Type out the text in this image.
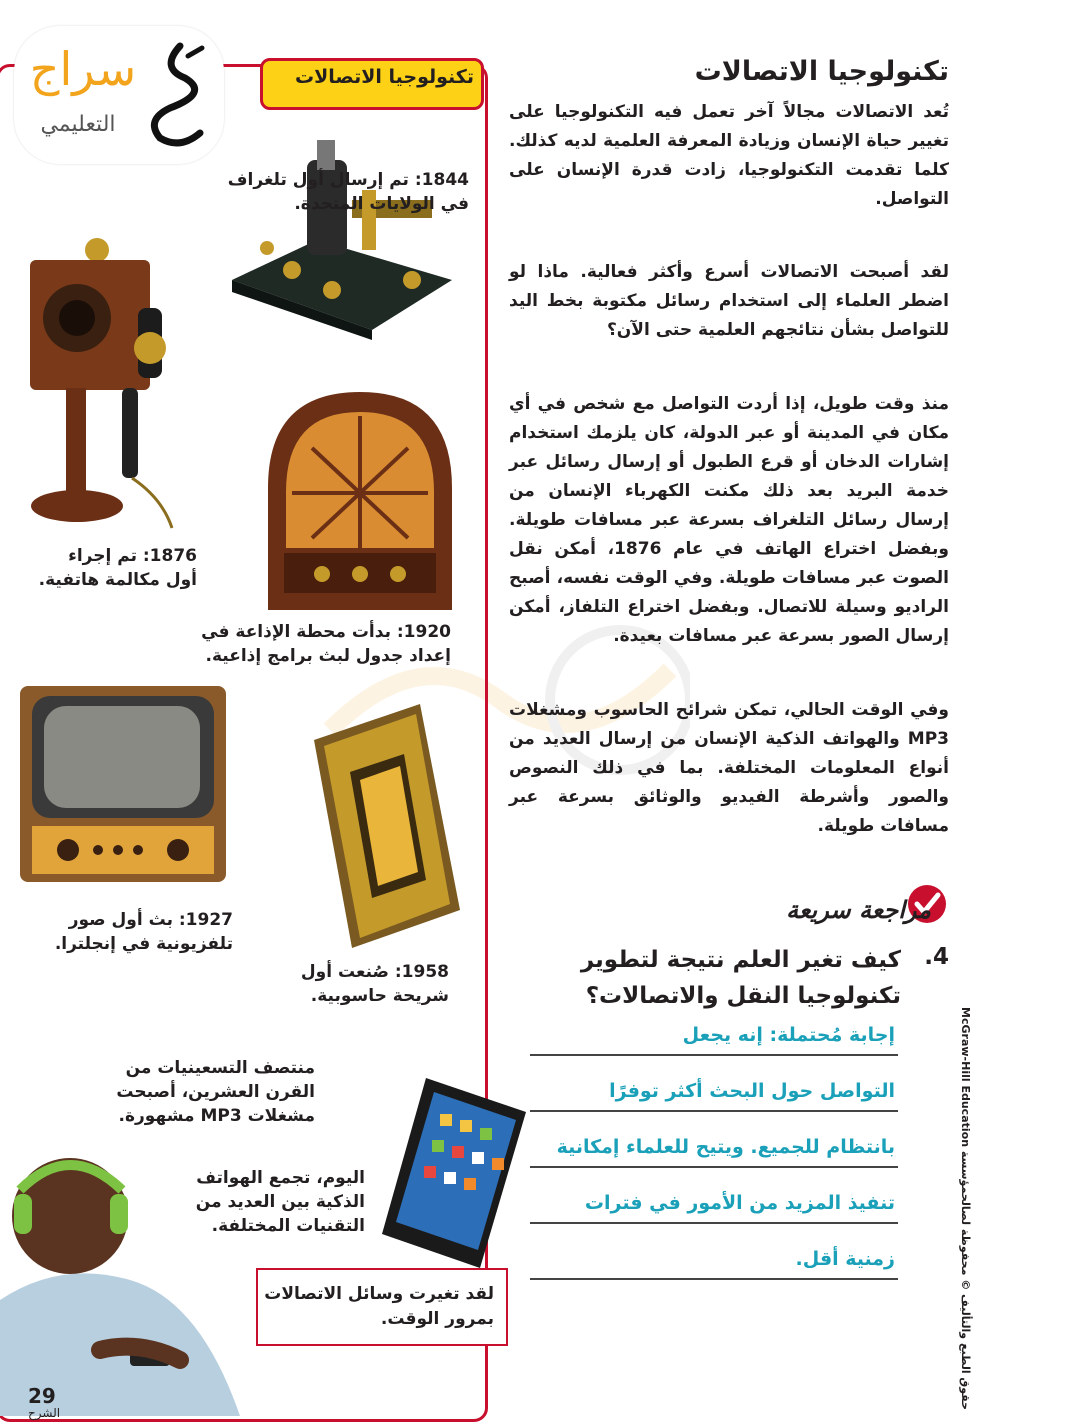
سراج
التعليمي
تكنولوجيا الاتصالات
1844: تم إرسال أول تلغراف في الولايات المتحدة.
1876: تم إجراء أول مكالمة هاتفية.
1920: بدأت محطة الإذاعة في إعداد جدول لبث برامج إذاعية.
1927: بث أول صور تلفزيونية في إنجلترا.
1958: صُنعت أول شريحة حاسوبية.
منتصف التسعينيات من القرن العشرين، أصبحت مشغلات MP3 مشهورة.
اليوم، تجمع الهواتف الذكية بين العديد من التقنيات المختلفة.
لقد تغيرت وسائل الاتصالات بمرور الوقت.
29
الشرح
تكنولوجيا الاتصالات
تُعد الاتصالات مجالاً آخر تعمل فيه التكنولوجيا على تغيير حياة الإنسان وزيادة المعرفة العلمية لديه كذلك. كلما تقدمت التكنولوجيا، زادت قدرة الإنسان على التواصل.
لقد أصبحت الاتصالات أسرع وأكثر فعالية. ماذا لو اضطر العلماء إلى استخدام رسائل مكتوبة بخط اليد للتواصل بشأن نتائجهم العلمية حتى الآن؟
منذ وقت طويل، إذا أردت التواصل مع شخص في أي مكان في المدينة أو عبر الدولة، كان يلزمك استخدام إشارات الدخان أو قرع الطبول أو إرسال رسائل عبر خدمة البريد بعد ذلك مكنت الكهرباء الإنسان من إرسال رسائل التلغراف بسرعة عبر مسافات طويلة. وبفضل اختراع الهاتف في عام 1876، أمكن نقل الصوت عبر مسافات طويلة. وفي الوقت نفسه، أصبح الراديو وسيلة للاتصال. وبفضل اختراع التلفاز، أمكن إرسال الصور بسرعة عبر مسافات بعيدة.
وفي الوقت الحالي، تمكن شرائح الحاسوب ومشغلات MP3 والهواتف الذكية الإنسان من إرسال العديد من أنواع المعلومات المختلفة. بما في ذلك النصوص والصور وأشرطة الفيديو والوثائق بسرعة عبر مسافات طويلة.
مراجعة سريعة
4.
كيف تغير العلم نتيجة لتطوير تكنولوجيا النقل والاتصالات؟
إجابة مُحتملة: إنه يجعل
التواصل حول البحث أكثر توفرًا
بانتظام للجميع. ويتيح للعلماء إمكانية
تنفيذ المزيد من الأمور في فترات
زمنية أقل.
حقوق الطبع والتأليف © محفوظة لصالحمؤسسة McGraw-Hill Education
